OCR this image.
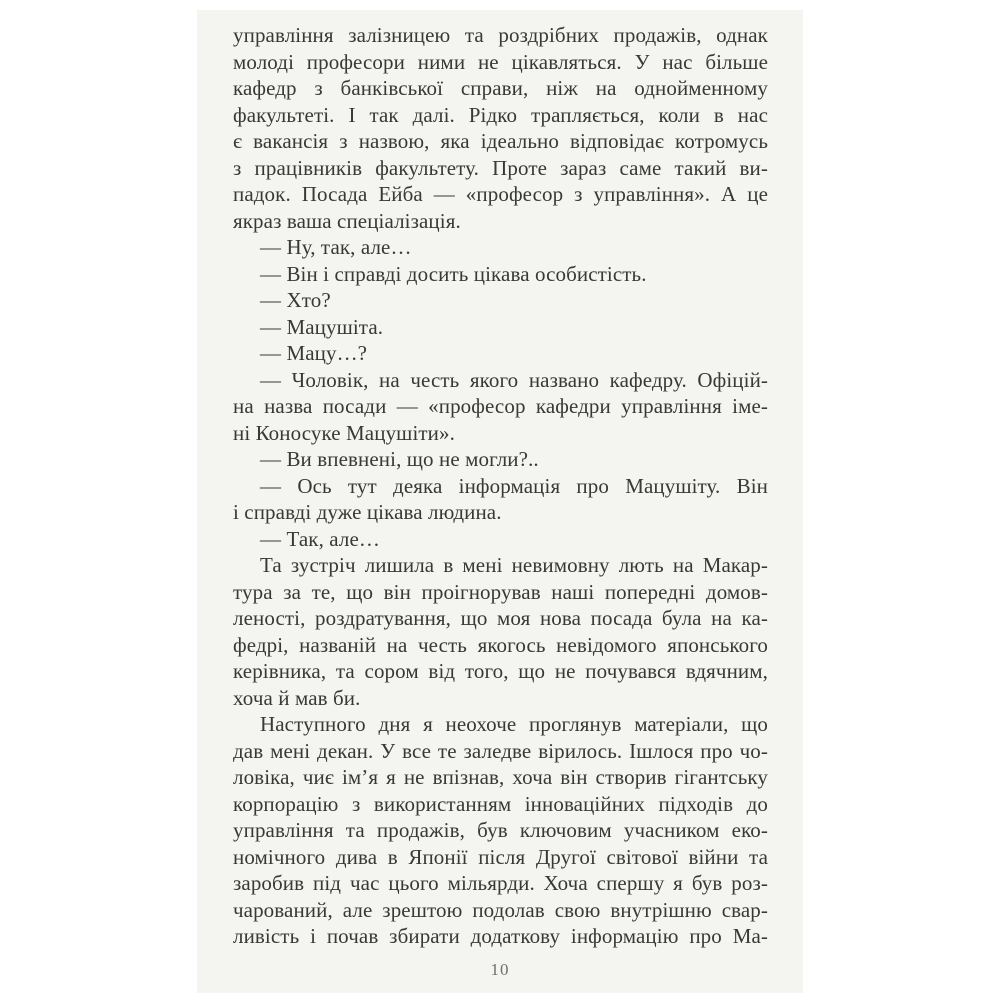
управління залізницею та роздрібних продажів, однак
молоді професори ними не цікавляться. У нас більше
кафедр з банківської справи, ніж на однойменному
факультеті. І так далі. Рідко трапляється, коли в нас
є вакансія з назвою, яка ідеально відповідає котромусь
з працівників факультету. Проте зараз саме такий ви-
падок. Посада Ейба — «професор з управління». А це
якраз ваша спеціалізація.
— Ну, так, але…
— Він і справді досить цікава особистість.
— Хто?
— Мацушіта.
— Мацу…?
— Чоловік, на честь якого названо кафедру. Офіцій-
на назва посади — «професор кафедри управління іме-
ні Коносуке Мацушіти».
— Ви впевнені, що не могли?..
— Ось тут деяка інформація про Мацушіту. Він
і справді дуже цікава людина.
— Так, але…
Та зустріч лишила в мені невимовну лють на Макар-
тура за те, що він проігнорував наші попередні домов-
леності, роздратування, що моя нова посада була на ка-
федрі, названій на честь якогось невідомого японського
керівника, та сором від того, що не почувався вдячним,
хоча й мав би.
Наступного дня я неохоче проглянув матеріали, що
дав мені декан. У все те заледве вірилось. Ішлося про чо-
ловіка, чиє ім’я я не впізнав, хоча він створив гігантську
корпорацію з використанням інноваційних підходів до
управління та продажів, був ключовим учасником еко-
номічного дива в Японії після Другої світової війни та
заробив під час цього мільярди. Хоча спершу я був роз-
чарований, але зрештою подолав свою внутрішню свар-
ливість і почав збирати додаткову інформацію про Ма-
10
